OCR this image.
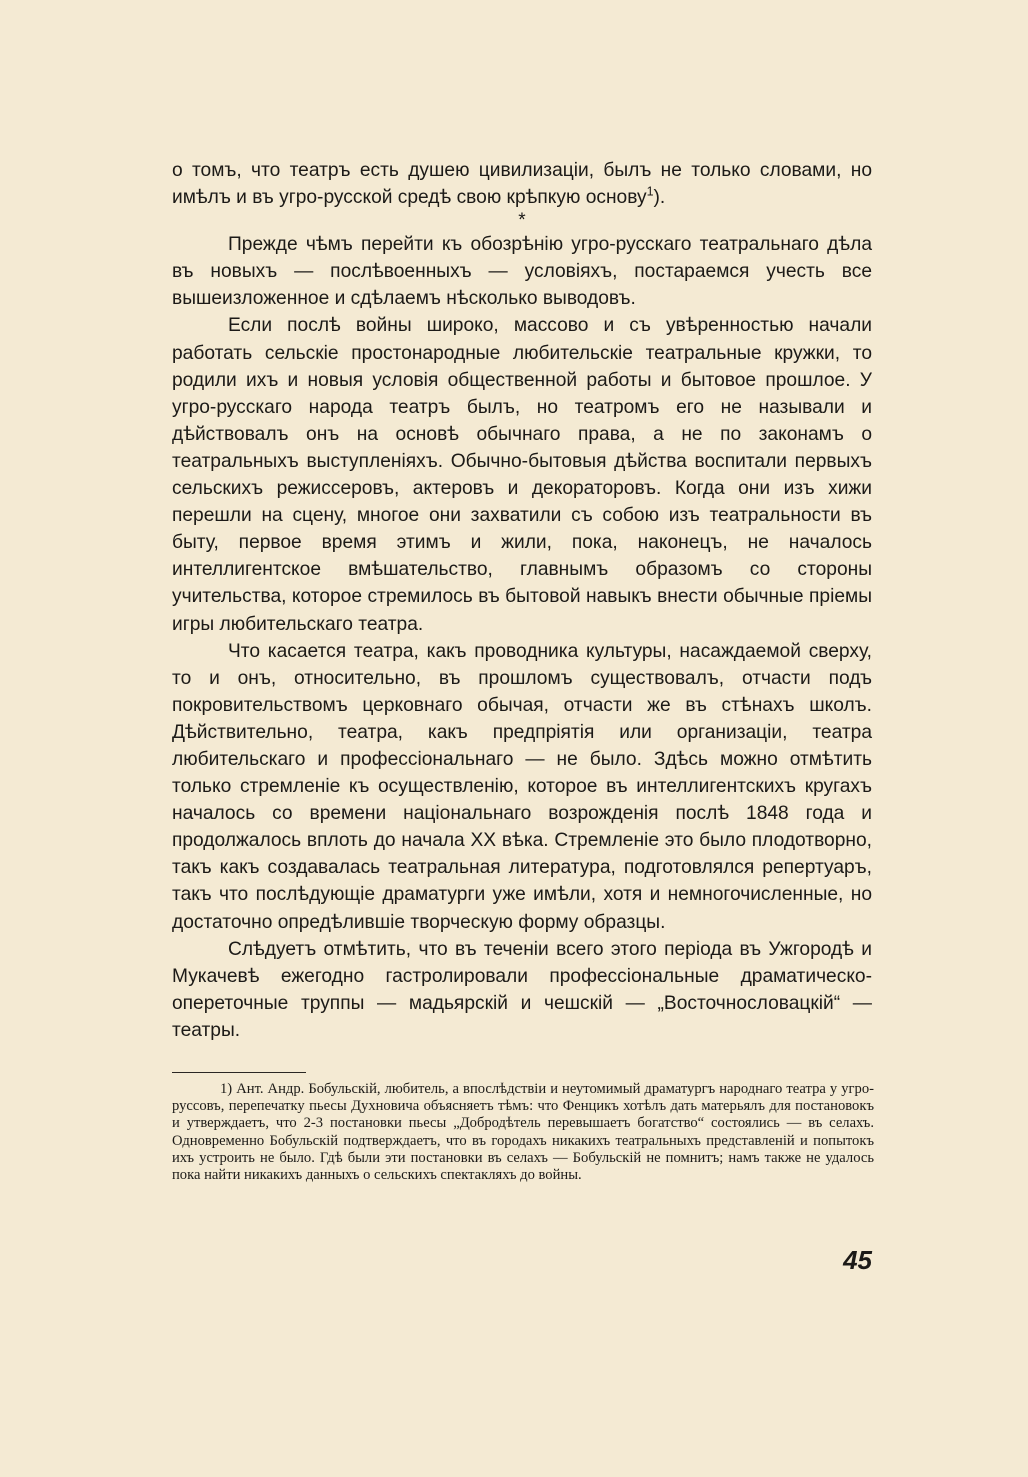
о томъ, что театръ есть душею цивилизаціи, былъ не только словами, но имѣлъ и въ угро-русской средѣ свою крѣпкую основу$^1$).

*

Прежде чѣмъ перейти къ обозрѣнію угро-русскаго театральнаго дѣла въ новыхъ — послѣвоенныхъ — условіяхъ, постараемся учесть все вышеизложенное и сдѣлаемъ нѣсколько выводовъ.

Если послѣ войны широко, массово и съ увѣренностью начали работать сельскіе простонародные любительскіе театральные кружки, то родили ихъ и новыя условія общественной работы и бытовое прошлое. У угро-русскаго народа театръ былъ, но театромъ его не называли и дѣйствовалъ онъ на основѣ обычнаго права, а не по законамъ о театральныхъ выступленіяхъ. Обычно-бытовыя дѣйства воспитали первыхъ сельскихъ режиссеровъ, актеровъ и декораторовъ. Когда они изъ хижи перешли на сцену, многое они захватили съ собою изъ театральности въ быту, первое время этимъ и жили, пока, наконецъ, не началось интеллигентское вмѣшательство, главнымъ образомъ со стороны учительства, которое стремилось въ бытовой навыкъ внести обычные пріемы игры любительскаго театра.

Что касается театра, какъ проводника культуры, насаждаемой сверху, то и онъ, относительно, въ прошломъ существовалъ, отчасти подъ покровительствомъ церковнаго обычая, отчасти же въ стѣнахъ школъ. Дѣйствительно, театра, какъ предпріятія или организаціи, театра любительскаго и профессіональнаго — не было. Здѣсь можно отмѣтить только стремленіе къ осуществленію, которое въ интеллигентскихъ кругахъ началось со времени національнаго возрожденія послѣ 1848 года и продолжалось вплоть до начала XX вѣка. Стремленіе это было плодотворно, такъ какъ создавалась театральная литература, подготовлялся репертуаръ, такъ что послѣдующіе драматурги уже имѣли, хотя и немногочисленные, но достаточно опредѣлившіе творческую форму образцы.

Слѣдуетъ отмѣтить, что въ теченіи всего этого періода въ Ужгородѣ и Мукачевѣ ежегодно гастролировали профессіональные драматическо-опереточные труппы — мадьярскій и чешскій — „Восточнословацкій“ — театры.

1) Ант. Андр. Бобульскій, любитель, а впослѣдствіи и неутомимый драматургъ народнаго театра у угро-руссовъ, перепечатку пьесы Духновича объясняетъ тѣмъ: что Фенцикъ хотѣлъ дать матерьялъ для постановокъ и утверждаетъ, что 2-3 постановки пьесы „Добродѣтель перевышаетъ богатство“ состоялись — въ селахъ. Одновременно Бобульскій подтверждаетъ, что въ городахъ никакихъ театральныхъ представленій и попытокъ ихъ устроить не было. Гдѣ были эти постановки въ селахъ — Бобульскій не помнитъ; намъ также не удалось пока найти никакихъ данныхъ о сельскихъ спектакляхъ до войны.

45
